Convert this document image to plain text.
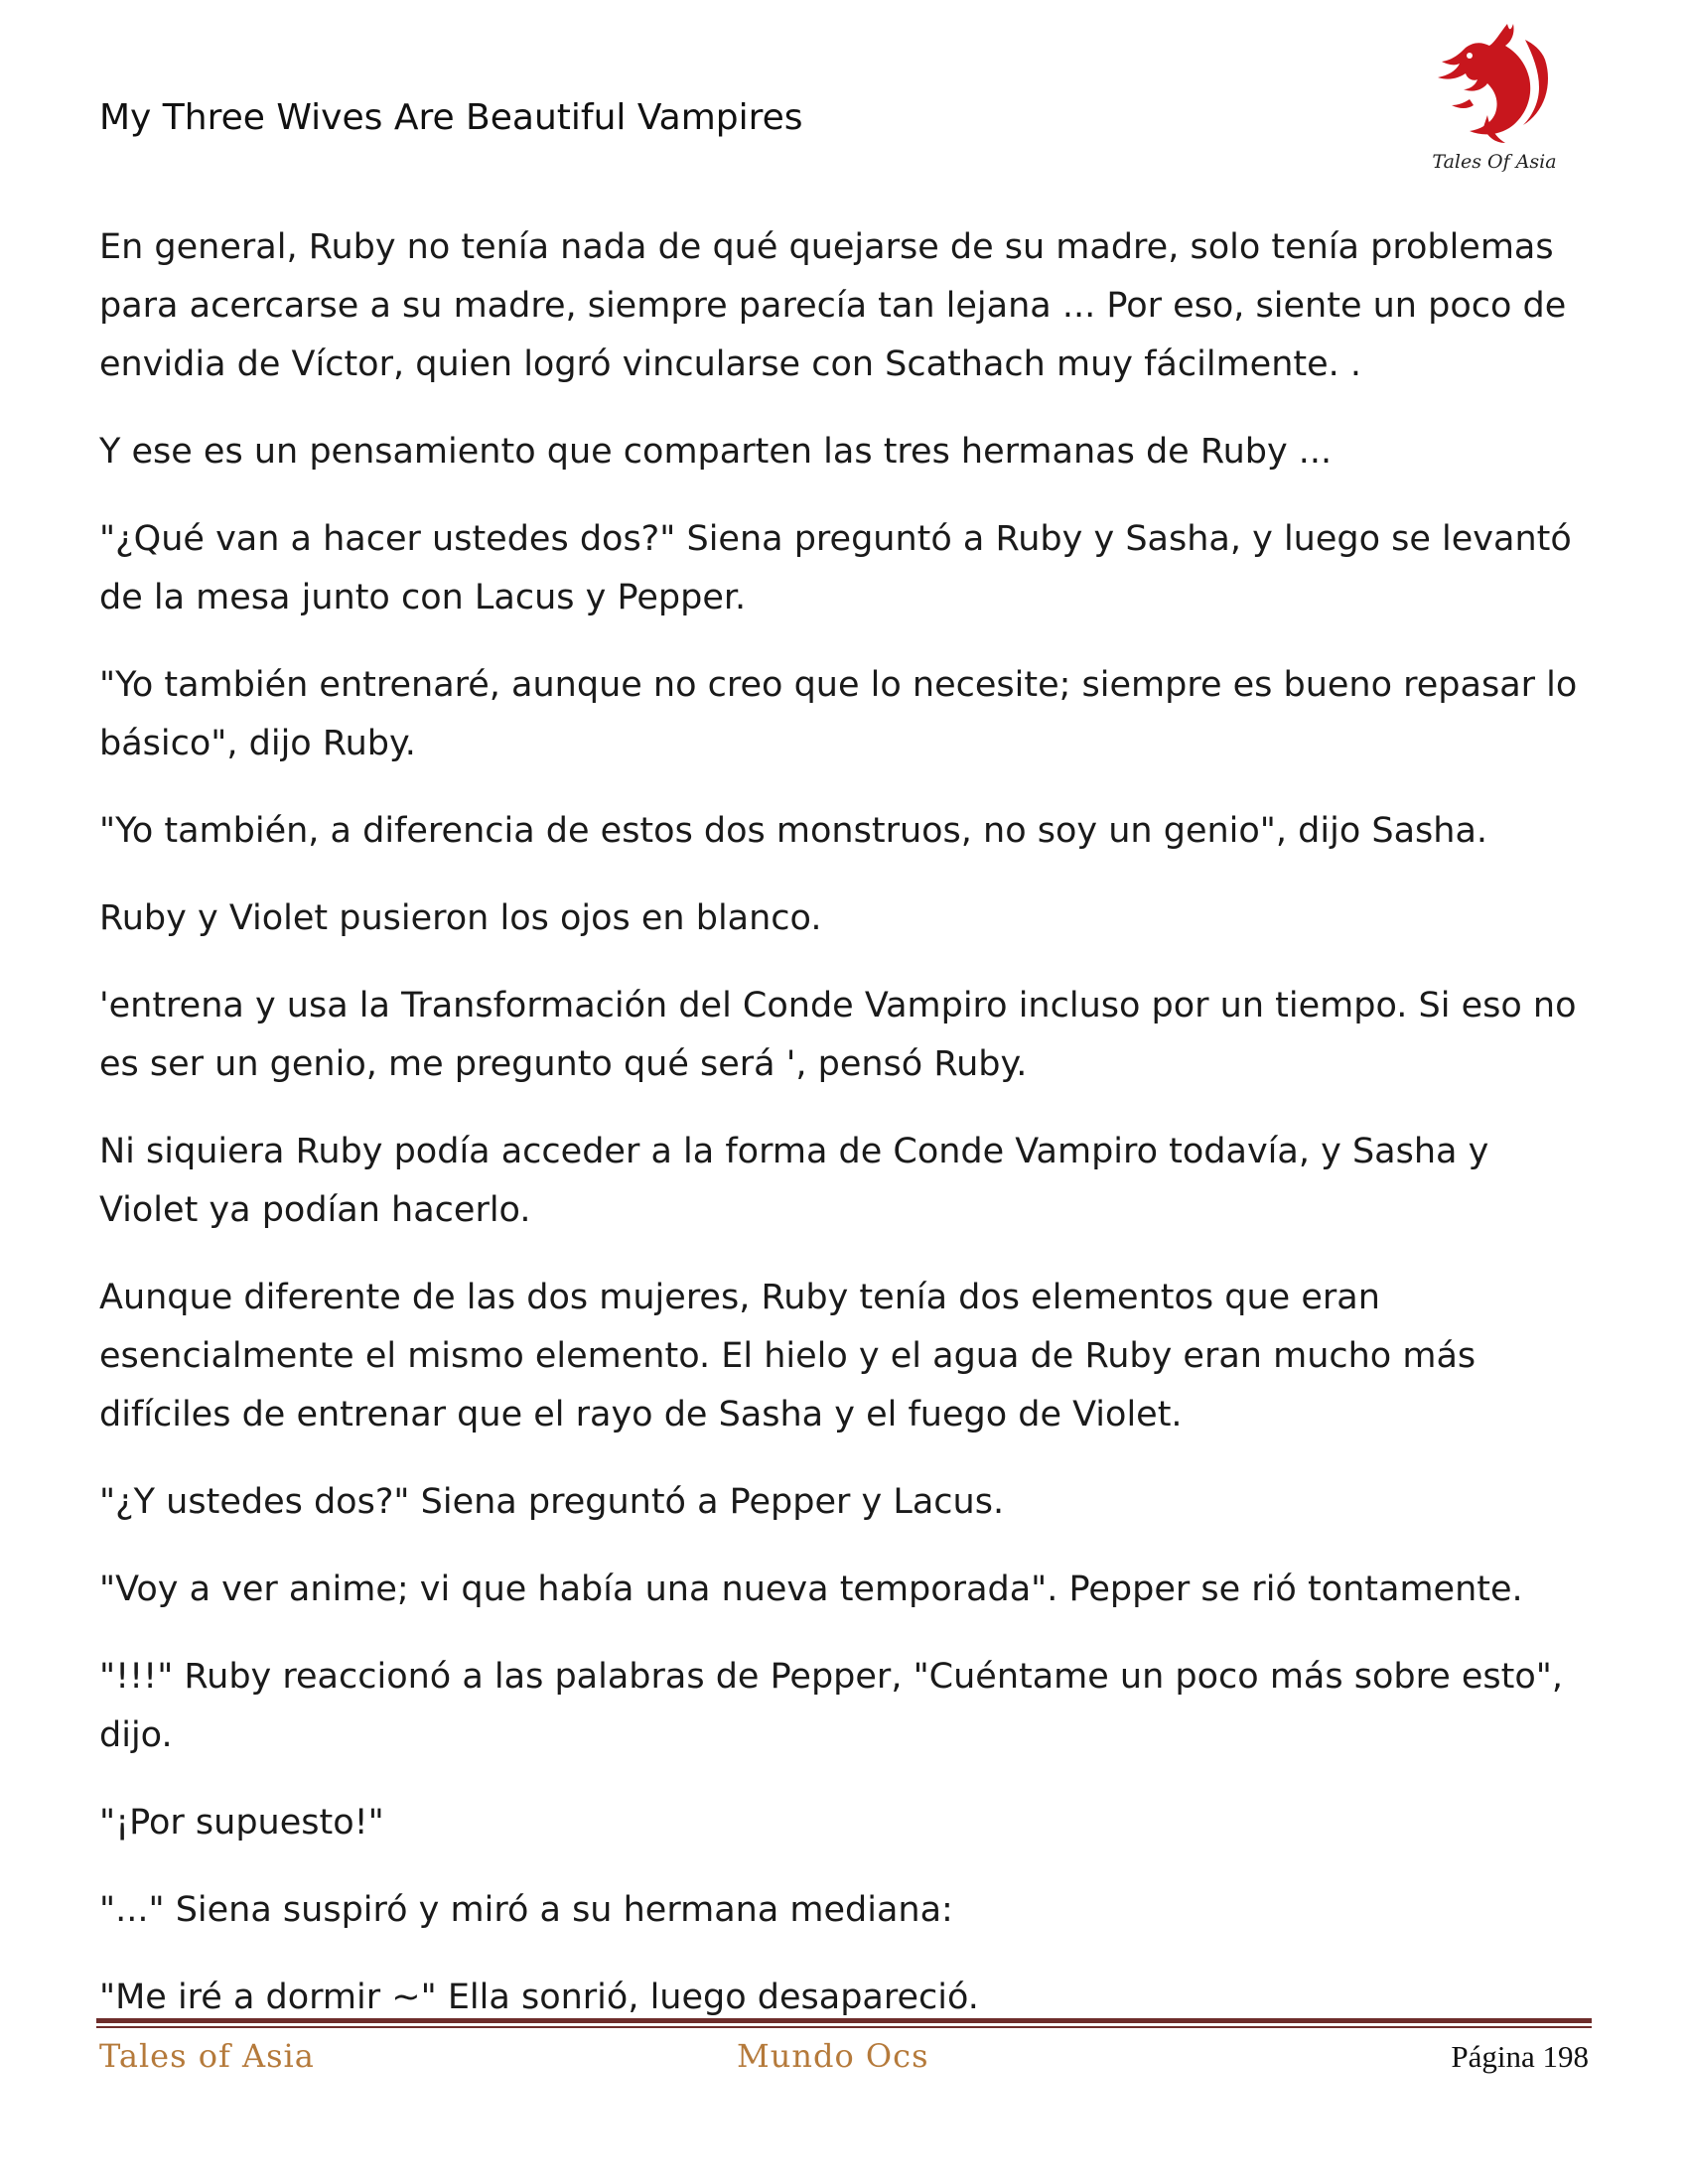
My Three Wives Are Beautiful Vampires
Tales Of Asia

En general, Ruby no tenía nada de qué quejarse de su madre, solo tenía problemas para acercarse a su madre, siempre parecía tan lejana ... Por eso, siente un poco de envidia de Víctor, quien logró vincularse con Scathach muy fácilmente. .

Y ese es un pensamiento que comparten las tres hermanas de Ruby ...

"¿Qué van a hacer ustedes dos?" Siena preguntó a Ruby y Sasha, y luego se levantó de la mesa junto con Lacus y Pepper.

"Yo también entrenaré, aunque no creo que lo necesite; siempre es bueno repasar lo básico", dijo Ruby.

"Yo también, a diferencia de estos dos monstruos, no soy un genio", dijo Sasha.

Ruby y Violet pusieron los ojos en blanco.

'entrena y usa la Transformación del Conde Vampiro incluso por un tiempo. Si eso no es ser un genio, me pregunto qué será ', pensó Ruby.

Ni siquiera Ruby podía acceder a la forma de Conde Vampiro todavía, y Sasha y Violet ya podían hacerlo.

Aunque diferente de las dos mujeres, Ruby tenía dos elementos que eran esencialmente el mismo elemento. El hielo y el agua de Ruby eran mucho más difíciles de entrenar que el rayo de Sasha y el fuego de Violet.

"¿Y ustedes dos?" Siena preguntó a Pepper y Lacus.

"Voy a ver anime; vi que había una nueva temporada". Pepper se rió tontamente.

"!!!" Ruby reaccionó a las palabras de Pepper, "Cuéntame un poco más sobre esto", dijo.

"¡Por supuesto!"

"..." Siena suspiró y miró a su hermana mediana:

"Me iré a dormir ~" Ella sonrió, luego desapareció.

Tales of Asia	Mundo Ocs	Página 198
